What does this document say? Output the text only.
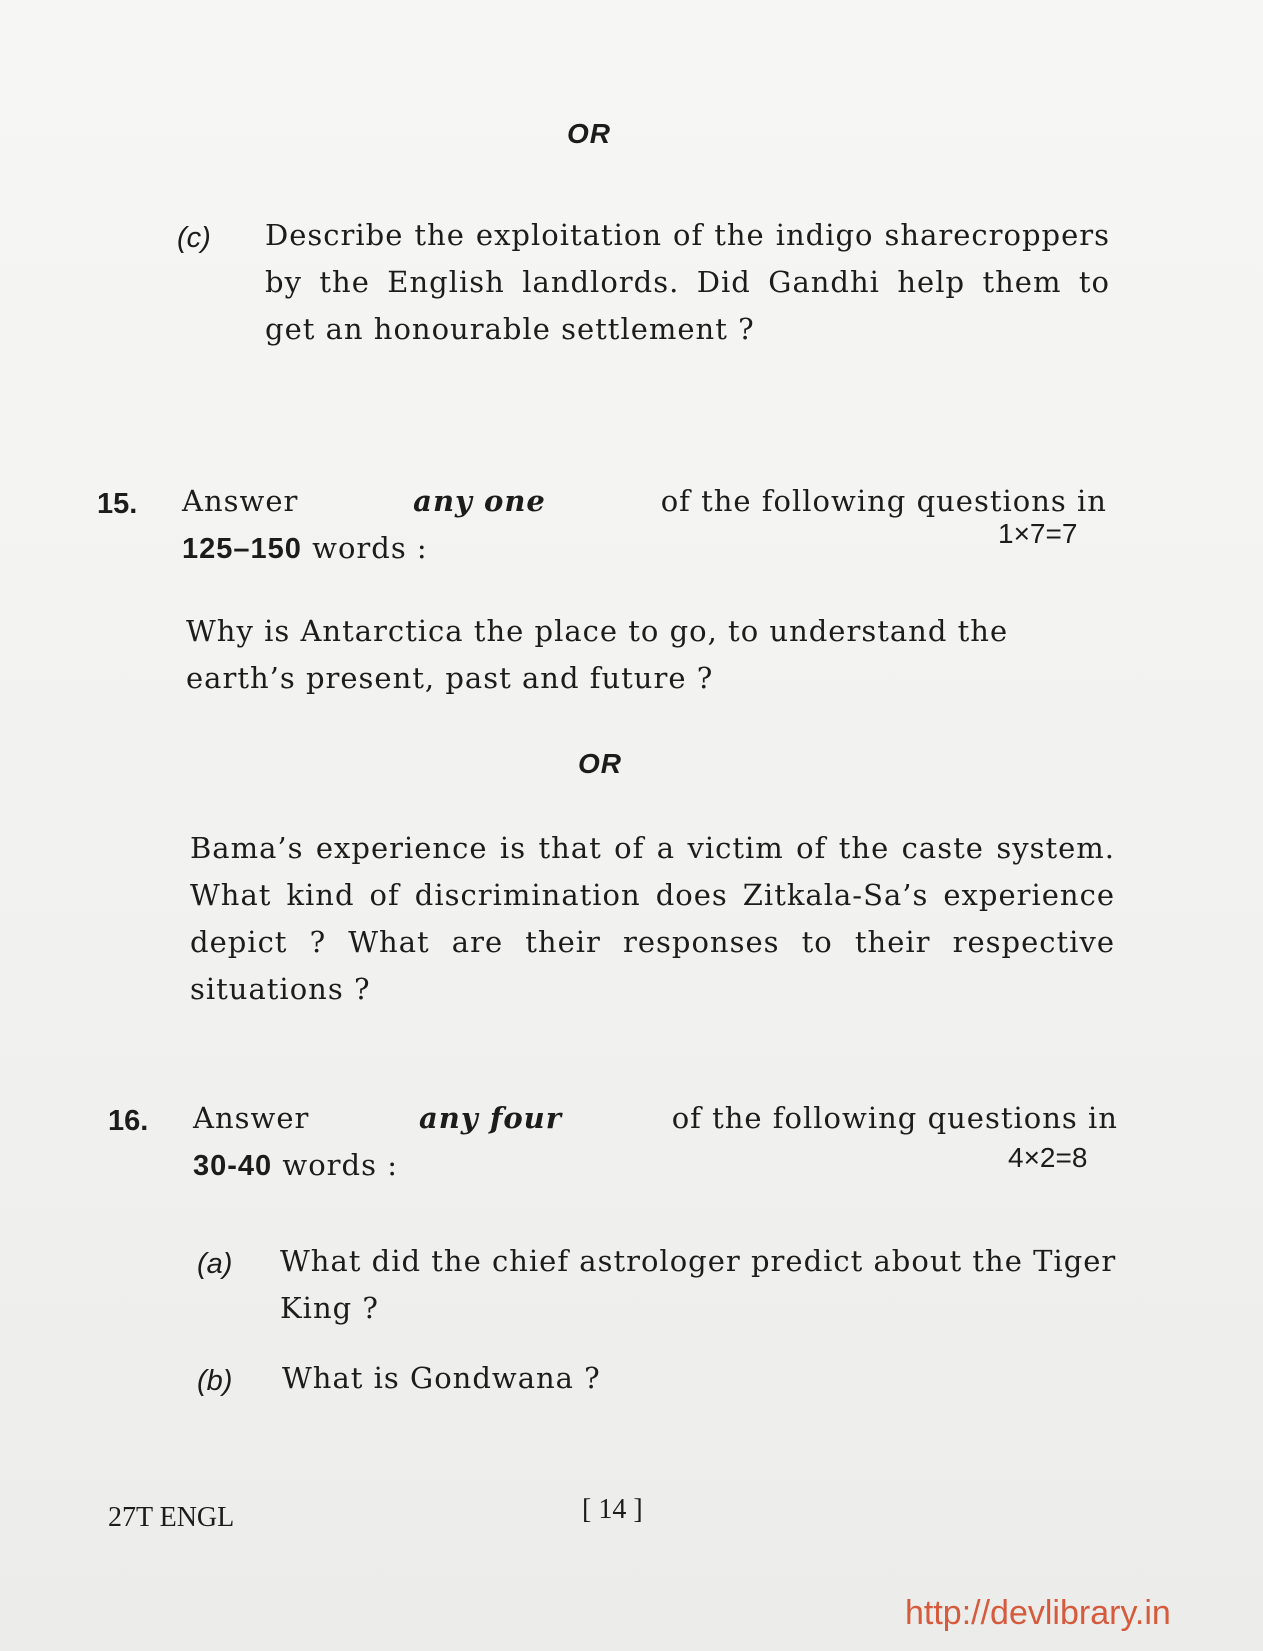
OR
(c) Describe the exploitation of the indigo sharecroppers by the English landlords. Did Gandhi help them to get an honourable settlement ?
15. Answer	any one	of the following questions in
125–150 words :	1×7=7
Why is Antarctica the place to go, to understand the earth’s present, past and future ?
OR
Bama’s experience is that of a victim of the caste system. What kind of discrimination does Zitkala-Sa’s experience depict ? What are their responses to their respective situations ?
16. Answer	any four	of the following questions in
30-40 words :	4×2=8
(a) What did the chief astrologer predict about the Tiger King ?
(b) What is Gondwana ?
27T ENGL	[ 14 ]
http://devlibrary.in
